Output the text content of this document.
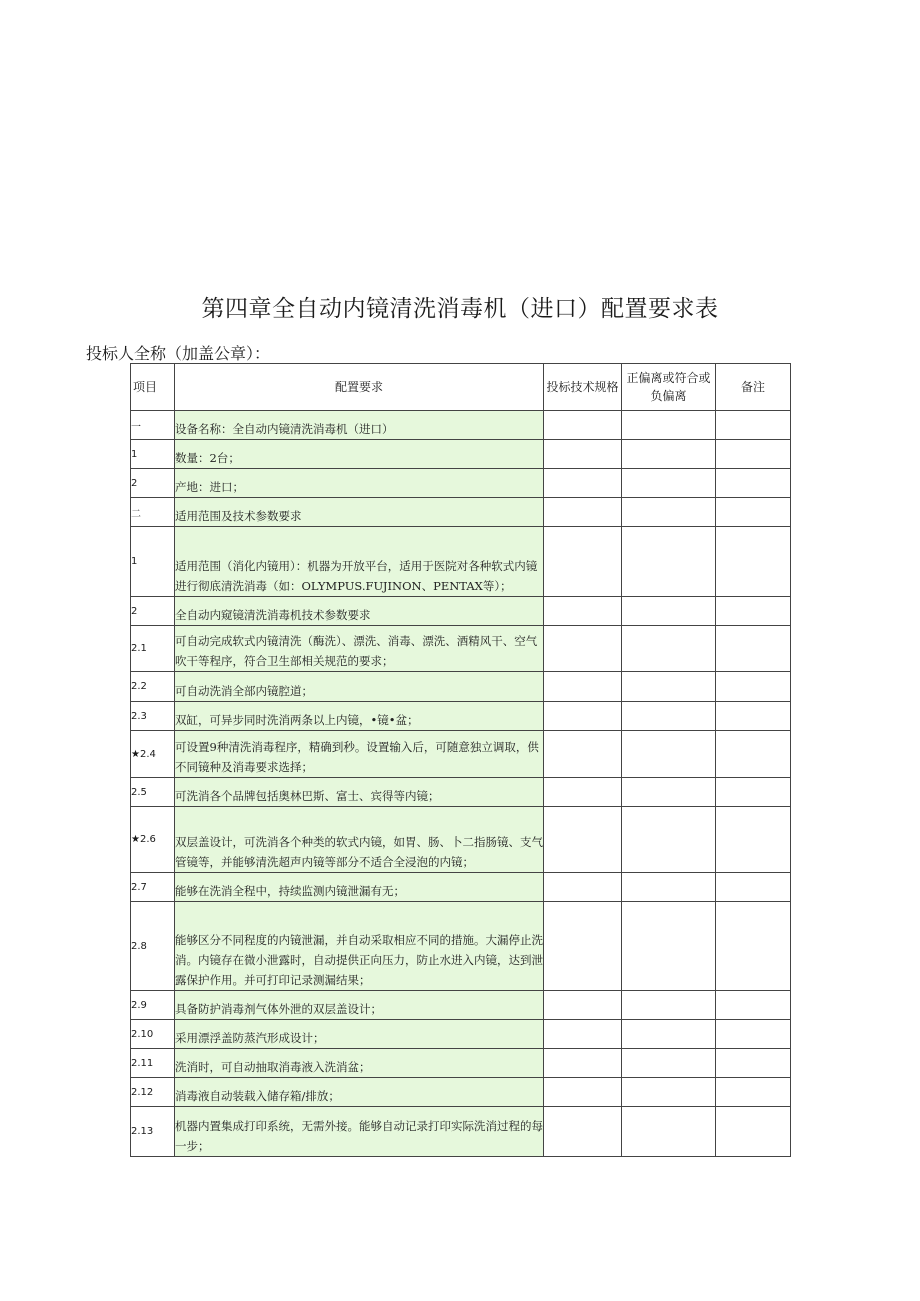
第四章全自动内镜清洗消毒机（进口）配置要求表
投标人全称（加盖公章）：
项目	配置要求	投标技术规格	正偏离或符合或负偏离	备注
一	设备名称：全自动内镜清洗消毒机（进口）			
1	数量：2台；			
2	产地：进口；			
二	适用范围及技术参数要求			
1	适用范围（消化内镜用）：机器为开放平台，适用于医院对各种软式内镜进行彻底清洗消毒（如：OLYMPUS.FUJINON、PENTAX等）；			
2	全自动内窥镜清洗消毒机技术参数要求			
2.1	可自动完成软式内镜清洗（酶洗）、漂洗、消毒、漂洗、酒精风干、空气吹干等程序，符合卫生部相关规范的要求；			
2.2	可自动洗消全部内镜腔道；			
2.3	双缸，可异步同时洗消两条以上内镜，•镜•盆；			
★2.4	可设置9种清洗消毒程序，精确到秒。设置输入后，可随意独立调取，供不同镜种及消毒要求选择；			
2.5	可洗消各个品牌包括奥林巴斯、富士、宾得等内镜；			
★2.6	双层盖设计，可洗消各个种类的软式内镜，如胃、肠、卜二指肠镜、支气管镜等，并能够清洗超声内镜等部分不适合全浸泡的内镜；			
2.7	能够在洗消全程中，持续监测内镜泄漏有无；			
2.8	能够区分不同程度的内镜泄漏，并自动采取相应不同的措施。大漏停止洗消。内镜存在微小泄露时，自动提供正向压力，防止水进入内镜，达到泄露保护作用。并可打印记录测漏结果；			
2.9	具备防护消毒剂气体外泄的双层盖设计；			
2.10	采用漂浮盖防蒸汽形成设计；			
2.11	洗消时，可自动抽取消毒液入洗消盆；			
2.12	消毒液自动装载入储存箱/排放；			
2.13	机器内置集成打印系统，无需外接。能够自动记录打印实际洗消过程的每一步；			
